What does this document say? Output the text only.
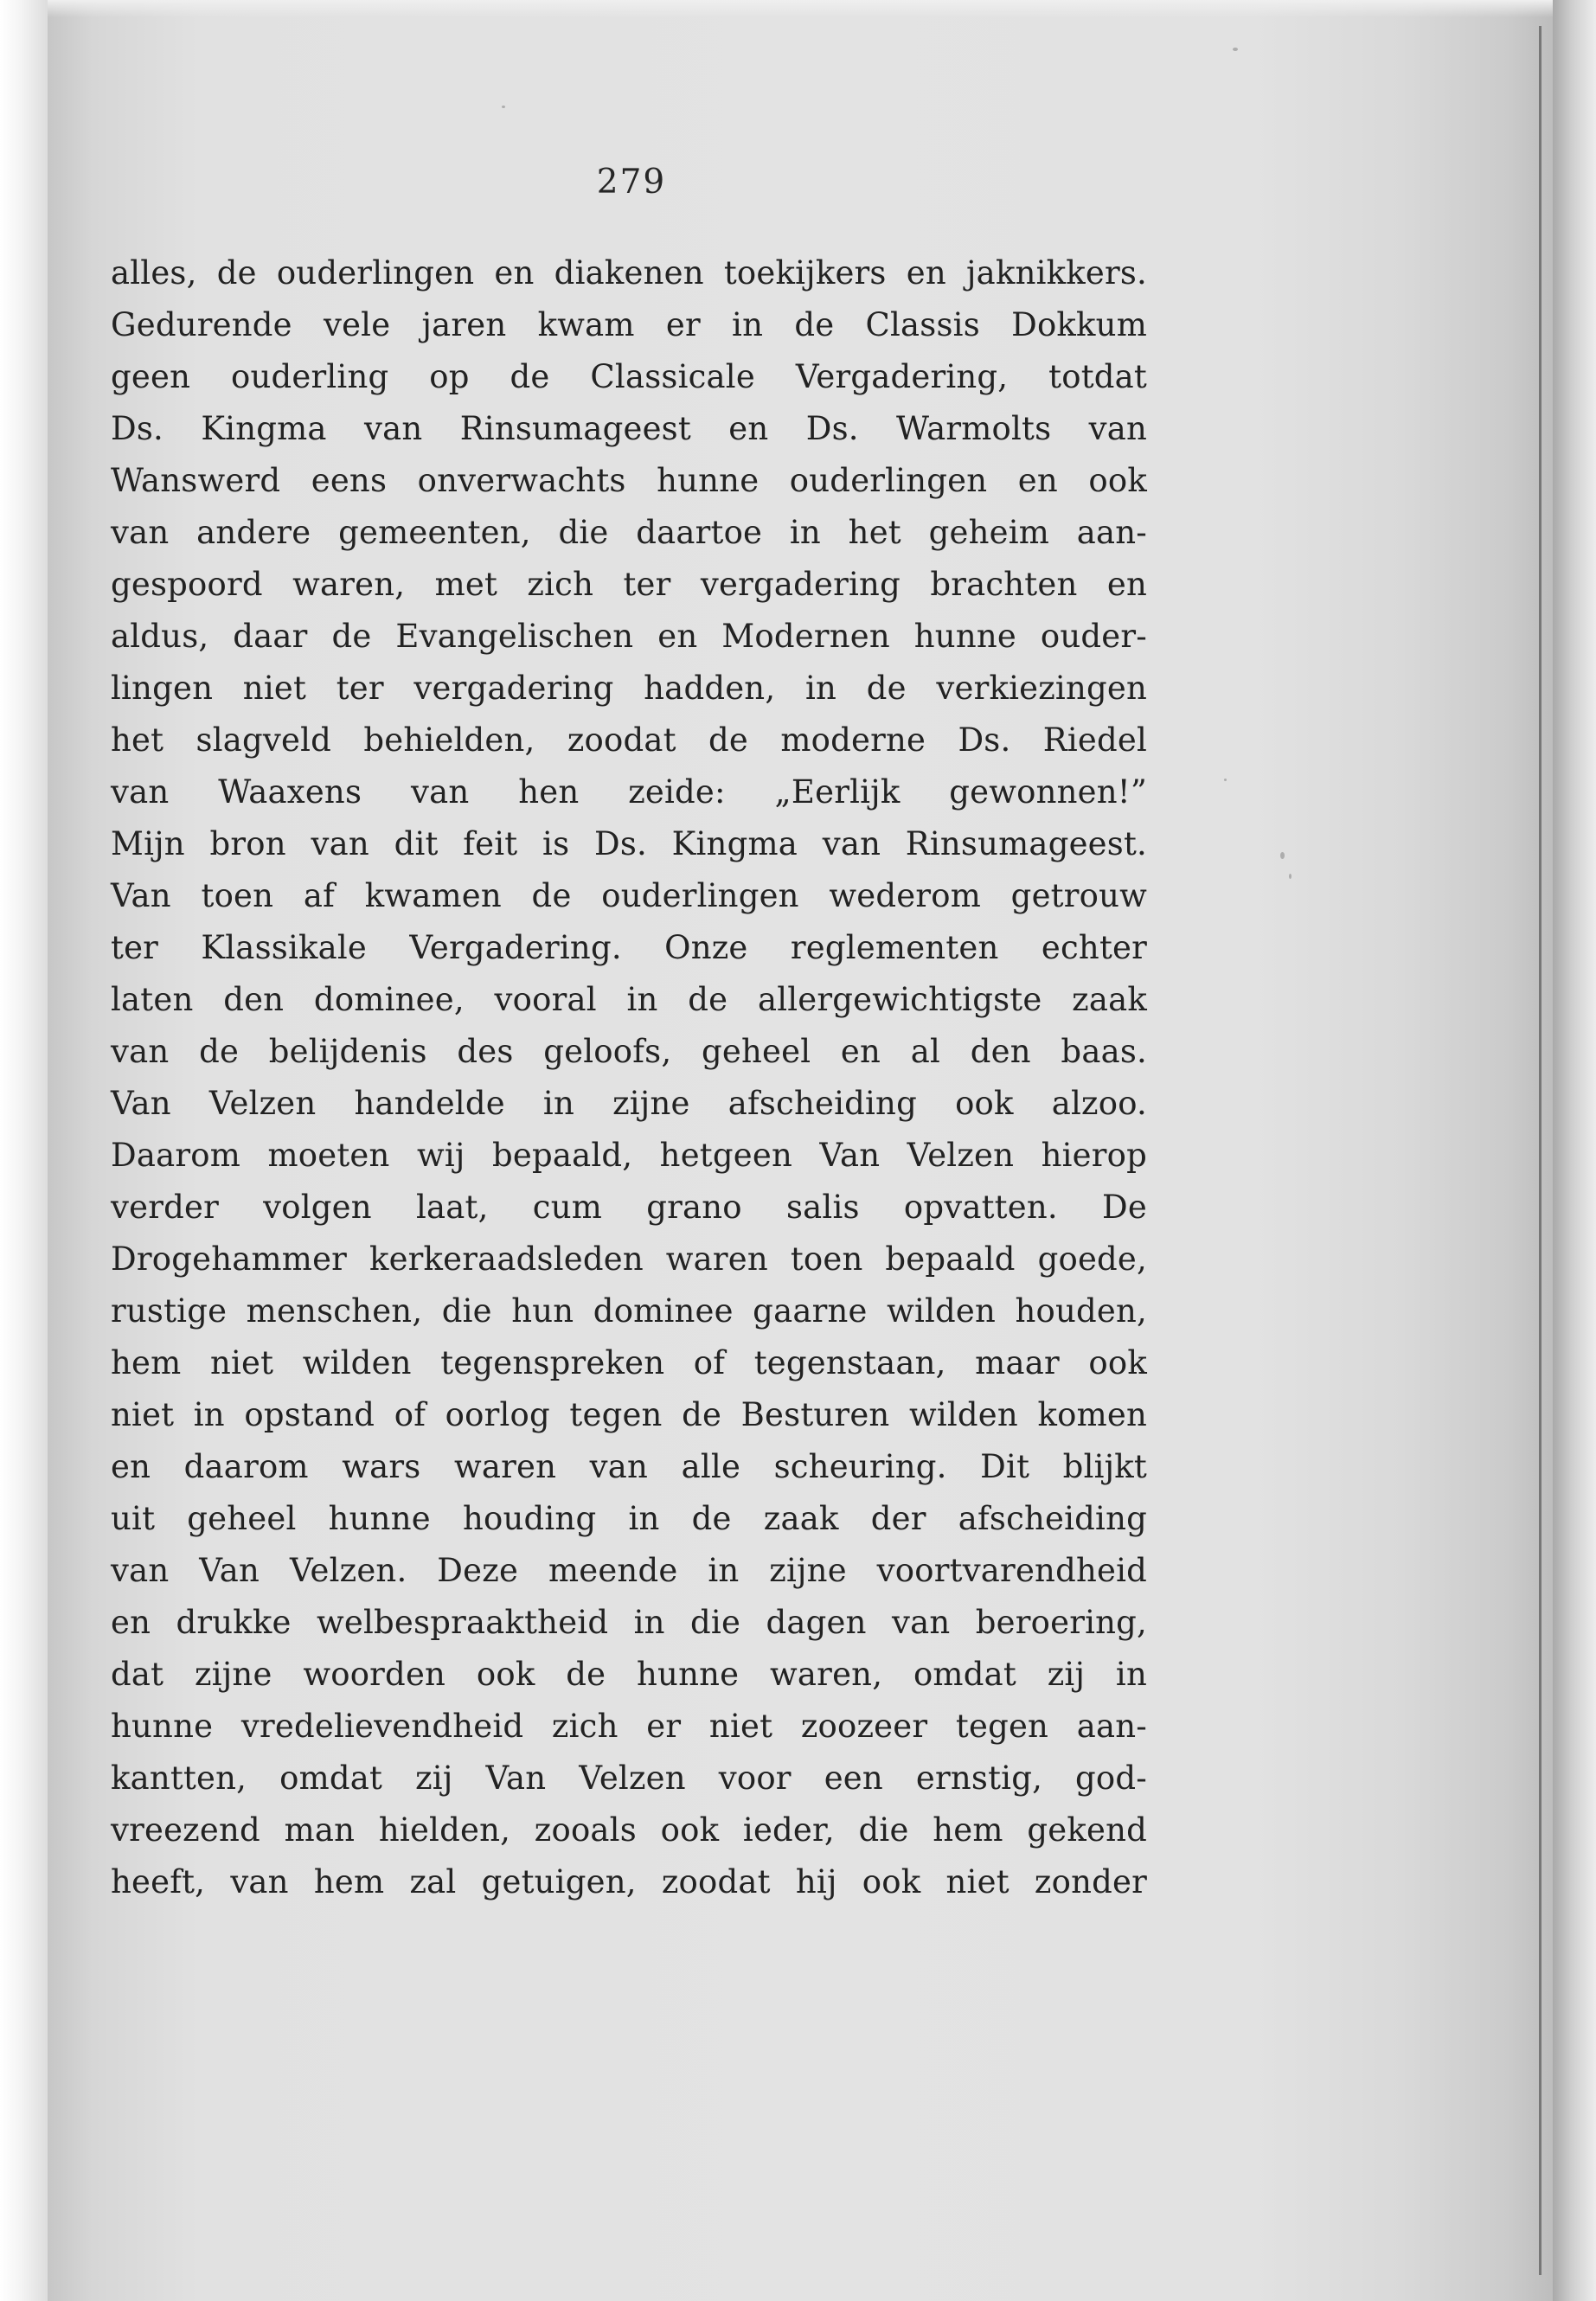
279
alles, de ouderlingen en diakenen toekijkers en jaknikkers.
Gedurende vele jaren kwam er in de Classis Dokkum
geen ouderling op de Classicale Vergadering, totdat
Ds. Kingma van Rinsumageest en Ds. Warmolts van
Wanswerd eens onverwachts hunne ouderlingen en ook
van andere gemeenten, die daartoe in het geheim aan-
gespoord waren, met zich ter vergadering brachten en
aldus, daar de Evangelischen en Modernen hunne ouder-
lingen niet ter vergadering hadden, in de verkiezingen
het slagveld behielden, zoodat de moderne Ds. Riedel
van Waaxens van hen zeide: „Eerlijk gewonnen!”
Mijn bron van dit feit is Ds. Kingma van Rinsumageest.
Van toen af kwamen de ouderlingen wederom getrouw
ter Klassikale Vergadering. Onze reglementen echter
laten den dominee, vooral in de allergewichtigste zaak
van de belijdenis des geloofs, geheel en al den baas.
Van Velzen handelde in zijne afscheiding ook alzoo.
Daarom moeten wij bepaald, hetgeen Van Velzen hierop
verder volgen laat, cum grano salis opvatten. De
Drogehammer kerkeraadsleden waren toen bepaald goede,
rustige menschen, die hun dominee gaarne wilden houden,
hem niet wilden tegenspreken of tegenstaan, maar ook
niet in opstand of oorlog tegen de Besturen wilden komen
en daarom wars waren van alle scheuring. Dit blijkt
uit geheel hunne houding in de zaak der afscheiding
van Van Velzen. Deze meende in zijne voortvarendheid
en drukke welbespraaktheid in die dagen van beroering,
dat zijne woorden ook de hunne waren, omdat zij in
hunne vredelievendheid zich er niet zoozeer tegen aan-
kantten, omdat zij Van Velzen voor een ernstig, god-
vreezend man hielden, zooals ook ieder, die hem gekend
heeft, van hem zal getuigen, zoodat hij ook niet zonder
